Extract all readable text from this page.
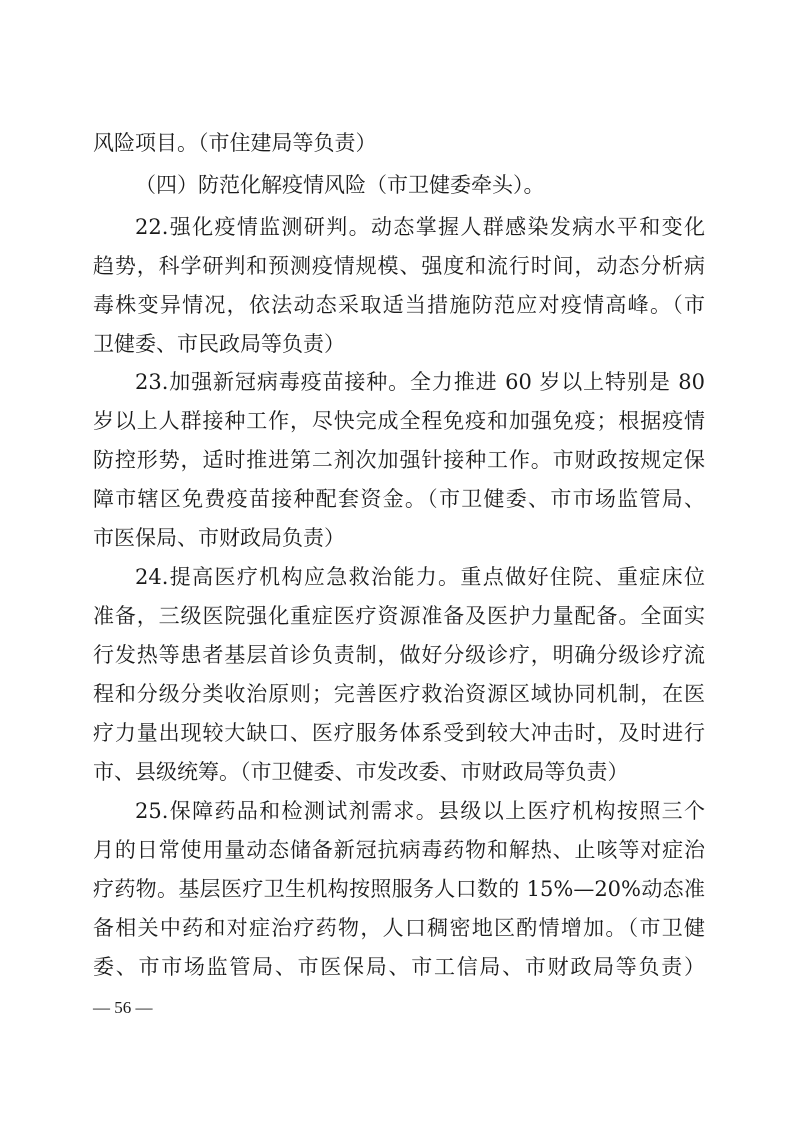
风险项目。（市住建局等负责）
（四）防范化解疫情风险（市卫健委牵头）。
22.强化疫情监测研判。动态掌握人群感染发病水平和变化
趋势，科学研判和预测疫情规模、强度和流行时间，动态分析病
毒株变异情况，依法动态采取适当措施防范应对疫情高峰。（市
卫健委、市民政局等负责）
23.加强新冠病毒疫苗接种。全力推进 60 岁以上特别是 80
岁以上人群接种工作，尽快完成全程免疫和加强免疫；根据疫情
防控形势，适时推进第二剂次加强针接种工作。市财政按规定保
障市辖区免费疫苗接种配套资金。（市卫健委、市市场监管局、
市医保局、市财政局负责）
24.提高医疗机构应急救治能力。重点做好住院、重症床位
准备，三级医院强化重症医疗资源准备及医护力量配备。全面实
行发热等患者基层首诊负责制，做好分级诊疗，明确分级诊疗流
程和分级分类收治原则；完善医疗救治资源区域协同机制，在医
疗力量出现较大缺口、医疗服务体系受到较大冲击时，及时进行
市、县级统筹。（市卫健委、市发改委、市财政局等负责）
25.保障药品和检测试剂需求。县级以上医疗机构按照三个
月的日常使用量动态储备新冠抗病毒药物和解热、止咳等对症治
疗药物。基层医疗卫生机构按照服务人口数的 15%—20%动态准
备相关中药和对症治疗药物，人口稠密地区酌情增加。（市卫健
委、市市场监管局、市医保局、市工信局、市财政局等负责）
— 56 —
